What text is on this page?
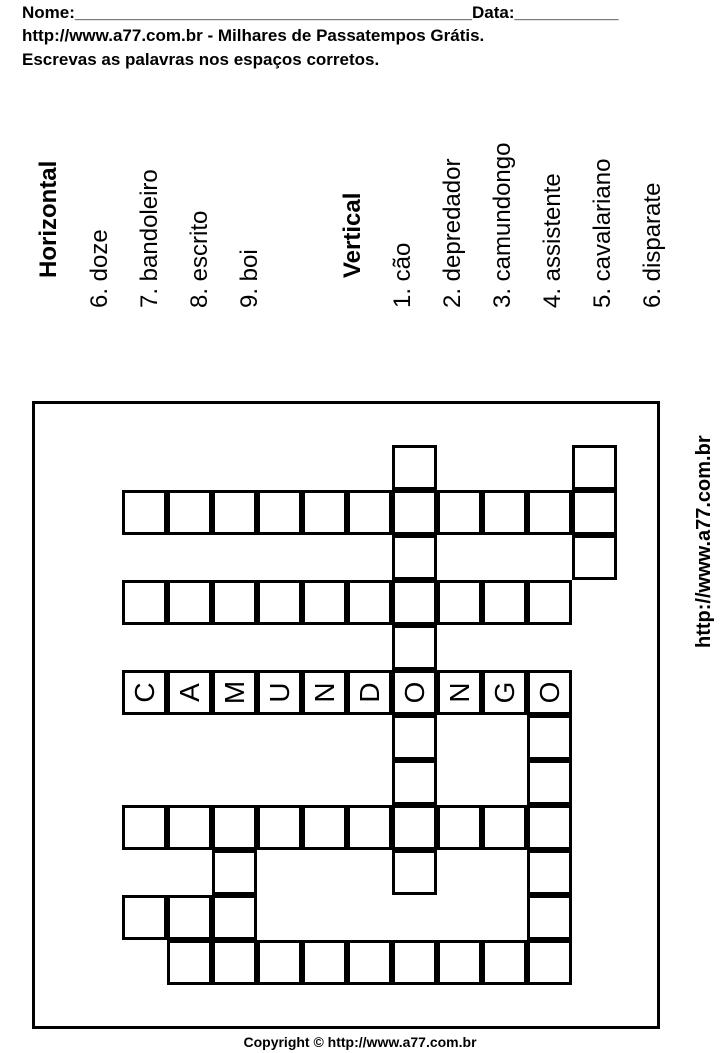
Nome:__________________________________________Data:___________
http://www.a77.com.br - Milhares de Passatempos Grátis.
Escrevas as palavras nos espaços corretos.
Horizontal 6. doze 7. bandoleiro 8. escrito 9. boi
Vertical 1. cão 2. depredador 3. camundongo 4. assistente 5. cavalariano 6. disparate
C A M U N D O N G O
http://www.a77.com.br
Copyright © http://www.a77.com.br
